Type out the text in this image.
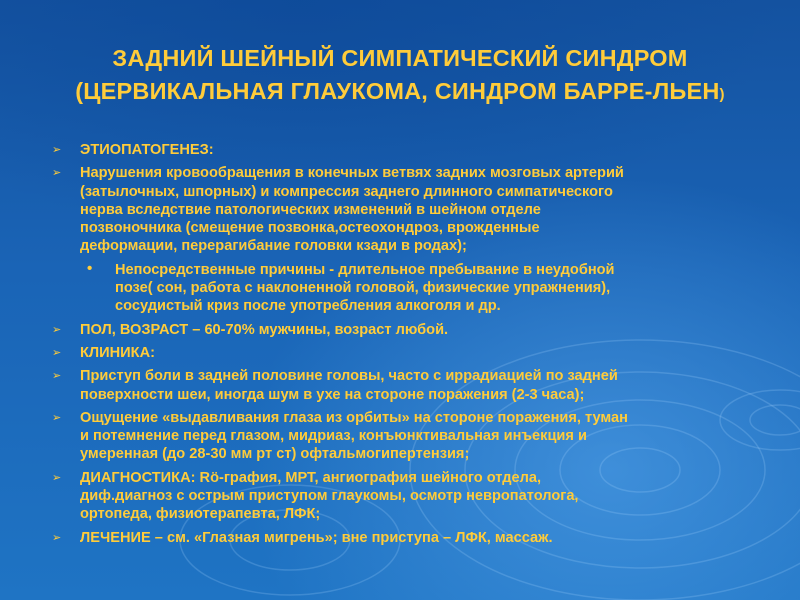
ЗАДНИЙ ШЕЙНЫЙ СИМПАТИЧЕСКИЙ СИНДРОМ
(ЦЕРВИКАЛЬНАЯ ГЛАУКОМА, СИНДРОМ БАРРЕ-ЛЬЕН)
➢ ЭТИОПАТОГЕНЕЗ:
➢ Нарушения кровообращения в конечных ветвях задних мозговых артерий
(затылочных, шпорных) и компрессия заднего длинного симпатического
нерва вследствие патологических изменений в шейном отделе
позвоночника (смещение позвонка,остеохондроз, врожденные
деформации, перерагибание головки кзади в родах);
• Непосредственные причины - длительное пребывание в неудобной
позе( сон, работа с наклоненной головой, физические упражнения),
сосудистый криз после употребления алкоголя и др.
➢ ПОЛ, ВОЗРАСТ – 60-70% мужчины, возраст любой.
➢ КЛИНИКА:
➢ Приступ боли в задней половине головы, часто с иррадиацией по задней
поверхности шеи, иногда шум в ухе на стороне поражения (2-3 часа);
➢ Ощущение «выдавливания глаза из орбиты» на стороне поражения, туман
и потемнение перед глазом, мидриаз, конъюнктивальная инъекция и
умеренная (до 28-30 мм рт ст) офтальмогипертензия;
➢ ДИАГНОСТИКА: Rö-графия, МРТ, ангиография шейного отдела,
диф.диагноз с острым приступом глаукомы, осмотр невропатолога,
ортопеда, физиотерапевта, ЛФК;
➢ ЛЕЧЕНИЕ – см. «Глазная мигрень»; вне приступа – ЛФК, массаж.
